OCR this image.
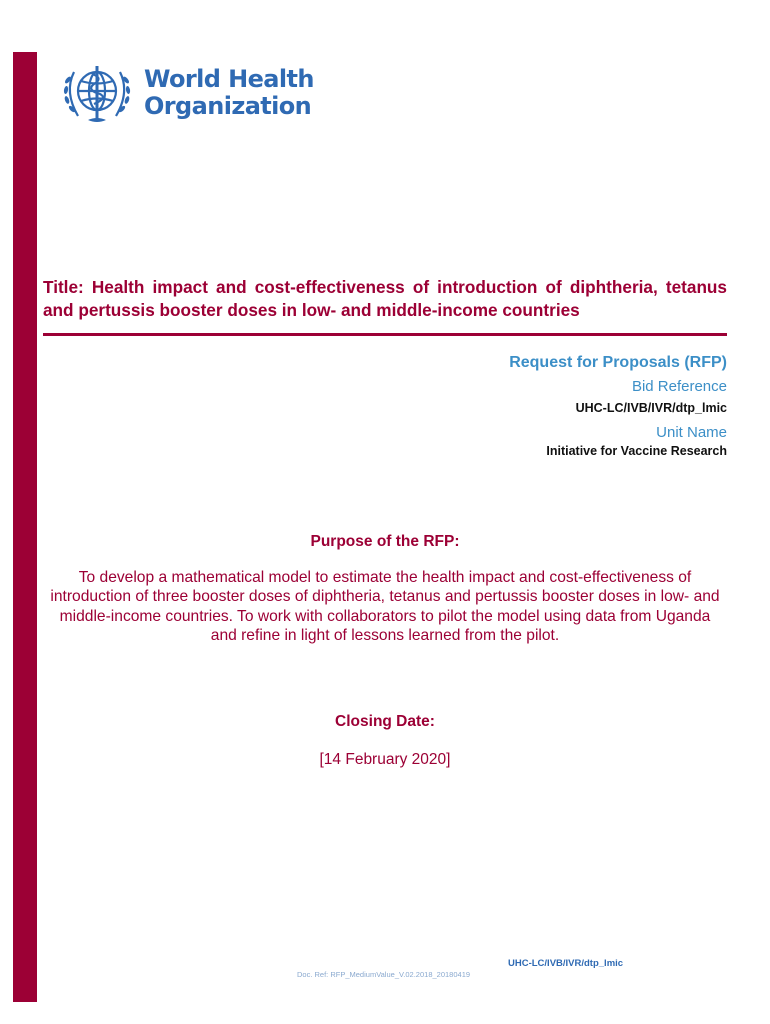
World Health
Organization
Title: Health impact and cost-effectiveness of introduction of diphtheria, tetanus and pertussis booster doses in low- and middle-income countries
Request for Proposals (RFP)
Bid Reference
UHC-LC/IVB/IVR/dtp_lmic
Unit Name
Initiative for Vaccine Research
Purpose of the RFP:

To develop a mathematical model to estimate the health impact and cost-effectiveness of introduction of three booster doses of diphtheria, tetanus and pertussis booster doses in low- and middle-income countries. To work with collaborators to pilot the model using data from Uganda and refine in light of lessons learned from the pilot.

Closing Date:
[14 February 2020]
UHC-LC/IVB/IVR/dtp_lmic
Doc. Ref: RFP_MediumValue_V.02.2018_20180419
